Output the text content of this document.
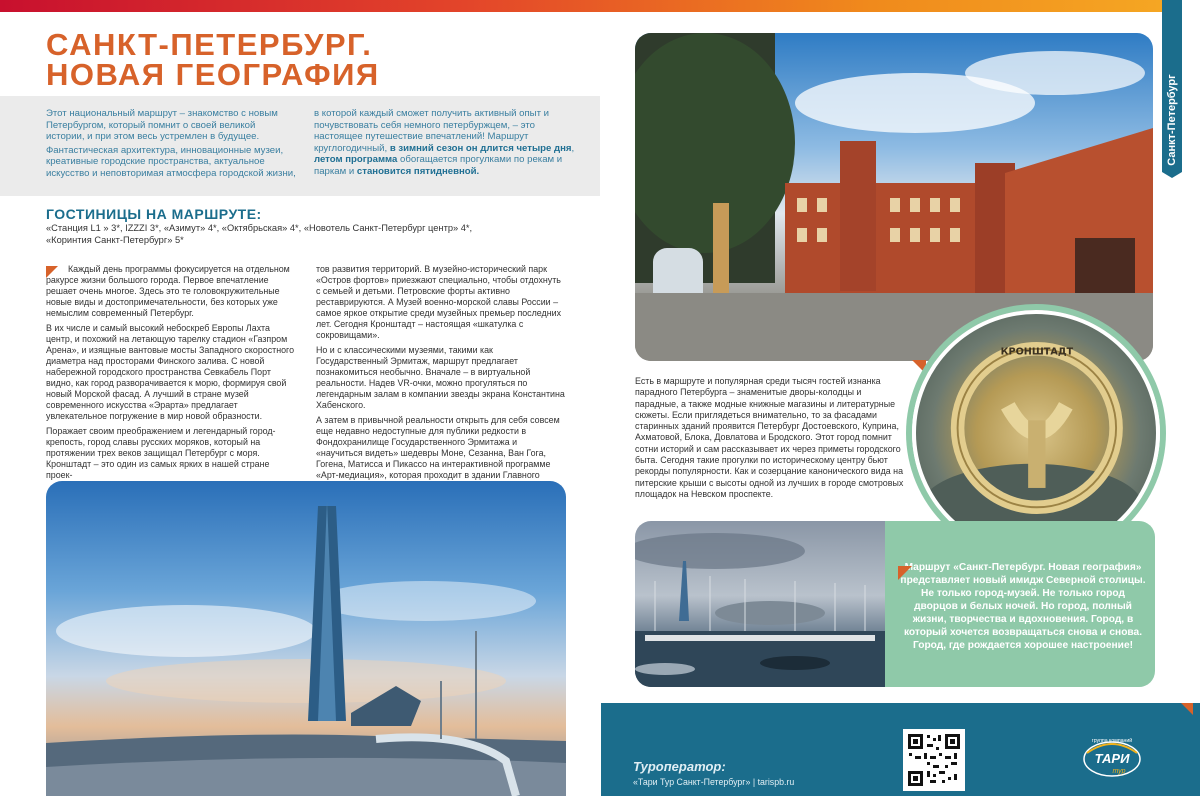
Санкт-Петербург
САНКТ-ПЕТЕРБУРГ.
НОВАЯ ГЕОГРАФИЯ

Этот национальный маршрут – знакомство с новым Петербургом, который помнит о своей великой истории, и при этом весь устремлен в будущее.

Фантастическая архитектура, инновационные музеи, креативные городские пространства, актуальное искусство и неповторимая атмосфера городской жизни,

в которой каждый сможет получить активный опыт и почувствовать себя немного петербуржцем, – это настоящее путешествие впечатлений! Маршрут круглогодичный, в зимний сезон он длится четыре дня, летом программа обогащается прогулками по рекам и паркам и становится пятидневной.

ГОСТИНИЦЫ НА МАРШРУТЕ:
«Станция L1 » 3*, IZZZI 3*, «Азимут» 4*, «Октябрьская» 4*, «Новотель Санкт-Петербург центр» 4*, «Коринтия Санкт-Петербург» 5*

Каждый день программы фокусируется на отдельном ракурсе жизни большого города. Первое впечатление решает очень многое. Здесь это те головокружительные новые виды и достопримечательности, без которых уже немыслим современный Петербург.

В их числе и самый высокий небоскреб Европы Лахта центр, и похожий на летающую тарелку стадион «Газпром Арена», и изящные вантовые мосты Западного скоростного диаметра над просторами Финского залива. С новой набережной городского пространства Севкабель Порт видно, как город разворачивается к морю, формируя свой новый Морской фасад. А лучший в стране музей современного искусства «Эрарта» предлагает увлекательное погружение в мир новой образности.

Поражает своим преображением и легендарный город-крепость, город славы русских моряков, который на протяжении трех веков защищал Петербург с моря. Кронштадт – это один из самых ярких в нашей стране проек-

тов развития территорий. В музейно-исторический парк «Остров фортов» приезжают специально, чтобы отдохнуть с семьей и детьми. Петровские форты активно реставрируются. А Музей военно-морской славы России – самое яркое открытие среди музейных премьер последних лет. Сегодня Кронштадт – настоящая «шкатулка с сокровищами».

Но и с классическими музеями, такими как Государственный Эрмитаж, маршрут предлагает познакомиться необычно. Вначале – в виртуальной реальности. Надев VR-очки, можно прогуляться по легендарным залам в компании звезды экрана Константина Хабенского.

А затем в привычной реальности открыть для себя совсем еще недавно недоступные для публики редкости в Фондохранилище Государственного Эрмитажа и «научиться видеть» шедевры Моне, Сезанна, Ван Гога, Гогена, Матисса и Пикассо на интерактивной программе «Арт-медиация», которая проходит в здании Главного

КРОНШТАДТ
Есть в маршруте и популярная среди тысяч гостей изнанка парадного Петербурга – знаменитые дворы-колодцы и парадные, а также модные книжные магазины и литературные сюжеты. Если приглядеться внимательно, то за фасадами старинных зданий проявится Петербург Достоевского, Куприна, Ахматовой, Блока, Довлатова и Бродского. Этот город помнит сотни историй и сам рассказывает их через приметы городского быта. Сегодня такие прогулки по историческому центру бьют рекорды популярности. Как и созерцание канонического вида на питерские крыши с высоты одной из лучших в городе смотровых площадок на Невском проспекте.
Маршрут «Санкт-Петербург. Новая география» представляет новый имидж Северной столицы. Не только город-музей. Не только город дворцов и белых ночей. Но город, полный жизни, творчества и вдохновения. Город, в который хочется возвращаться снова и снова. Город, где рождается хорошее настроение!
Туроператор:
«Тари Тур Санкт-Петербург» | tarispb.ru
группа компаний
ТАРИ
тур
